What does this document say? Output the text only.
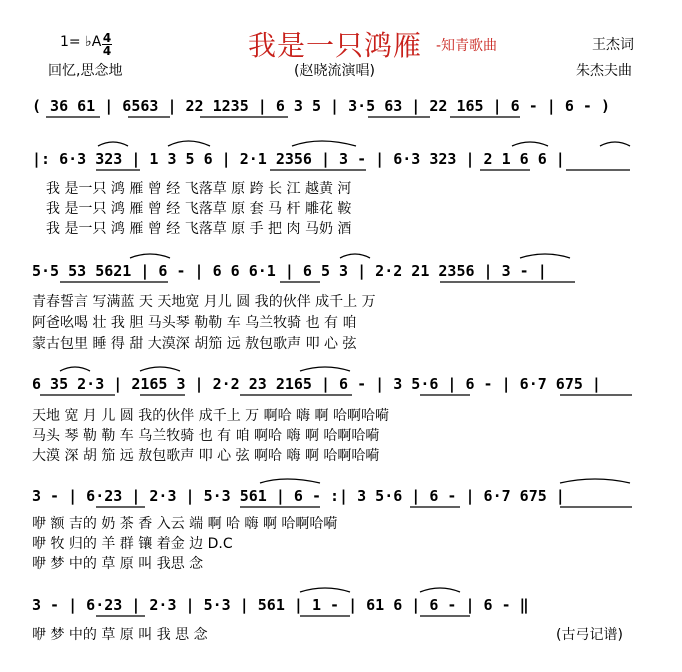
我是一只鸿雁 -知青歌曲
1= ♭A 4
4
回忆,思念地	(赵晓流演唱)
王杰词
朱杰夫曲
( 36 61 | 6563 | 22 1235 | 6 3 5 | 3·5 63 | 22 165 | 6 - | 6 - )
|: 6·3 323 | 1 3 5 6 | 2·1 2356 | 3 - | 6·3 323 | 2 1 6 6 |
我 是一只 鸿 雁 曾 经 飞落草 原 跨 长 江 越黄 河
我 是一只 鸿 雁 曾 经 飞落草 原 套 马 杆 雕花 鞍
我 是一只 鸿 雁 曾 经 飞落草 原 手 把 肉 马奶 酒
5·5 53 5621 | 6 - | 6 6 6·1 | 6 5 3 | 2·2 21 2356 | 3 - |
青春誓言 写满蓝 天 天地宽 月儿 圆 我的伙伴 成千上 万
阿爸吆喝 壮 我 胆 马头琴 勒勒 车 乌兰牧骑 也 有 咱
蒙古包里 睡 得 甜 大漠深 胡笳 远 敖包歌声 叩 心 弦
6 35 2·3 | 2165 3 | 2·2 23 2165 | 6 - | 3 5·6 | 6 - | 6·7 675 |
天地 宽 月 儿 圆 我的伙伴 成千上 万 啊哈 嗨 啊 哈啊哈嗬
马头 琴 勒 勒 车 乌兰牧骑 也 有 咱 啊哈 嗨 啊 哈啊哈嗬
大漠 深 胡 笳 远 敖包歌声 叩 心 弦 啊哈 嗨 啊 哈啊哈嗬
3 - | 6·23 | 2·3 | 5·3 561 | 6 - :| 3 5·6 | 6 - | 6·7 675 |
咿 额 吉的 奶 茶 香 入云 端 啊 哈 嗨 啊 哈啊哈嗬
咿 牧 归的 羊 群 镶 着金 边 D.C
咿 梦 中的 草 原 叫 我思 念
3 - | 6·23 | 2·3 | 5·3 | 561 | 1 - | 61 6 | 6 - | 6 - ‖
咿 梦 中的 草 原 叫 我 思 念	(古弓记谱)
